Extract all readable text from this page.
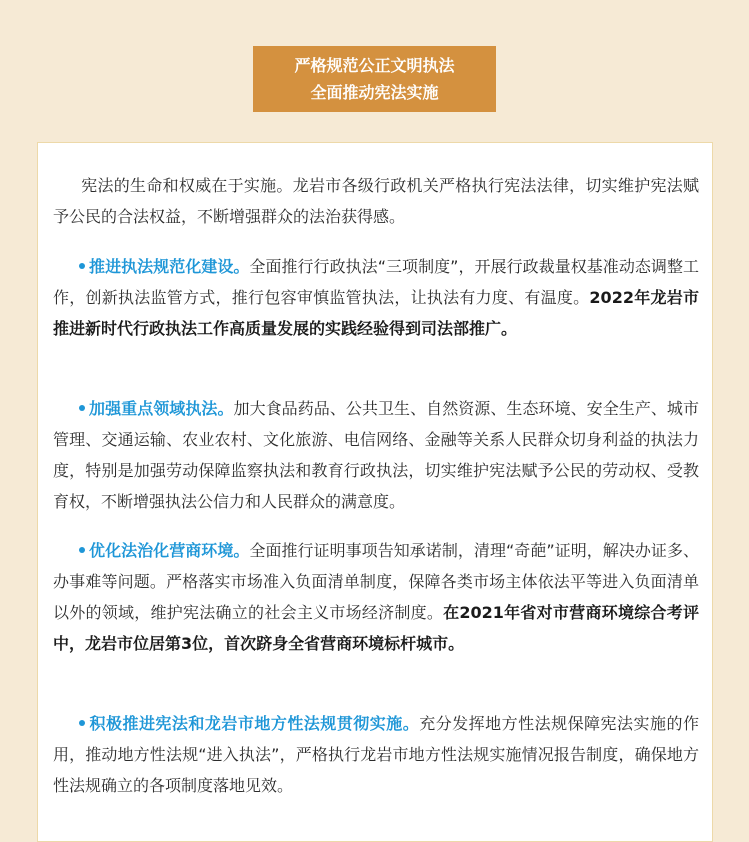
严格规范公正文明执法
全面推动宪法实施

宪法的生命和权威在于实施。龙岩市各级行政机关严格执行宪法法律，切实维护宪法赋予公民的合法权益，不断增强群众的法治获得感。

推进执法规范化建设。全面推行行政执法“三项制度”，开展行政裁量权基准动态调整工作，创新执法监管方式，推行包容审慎监管执法，让执法有力度、有温度。2022年龙岩市推进新时代行政执法工作高质量发展的实践经验得到司法部推广。

加强重点领域执法。加大食品药品、公共卫生、自然资源、生态环境、安全生产、城市管理、交通运输、农业农村、文化旅游、电信网络、金融等关系人民群众切身利益的执法力度，特别是加强劳动保障监察执法和教育行政执法，切实维护宪法赋予公民的劳动权、受教育权，不断增强执法公信力和人民群众的满意度。

优化法治化营商环境。全面推行证明事项告知承诺制，清理“奇葩”证明，解决办证多、办事难等问题。严格落实市场准入负面清单制度，保障各类市场主体依法平等进入负面清单以外的领域，维护宪法确立的社会主义市场经济制度。在2021年省对市营商环境综合考评中，龙岩市位居第3位，首次跻身全省营商环境标杆城市。

积极推进宪法和龙岩市地方性法规贯彻实施。充分发挥地方性法规保障宪法实施的作用，推动地方性法规“进入执法”，严格执行龙岩市地方性法规实施情况报告制度，确保地方性法规确立的各项制度落地见效。
